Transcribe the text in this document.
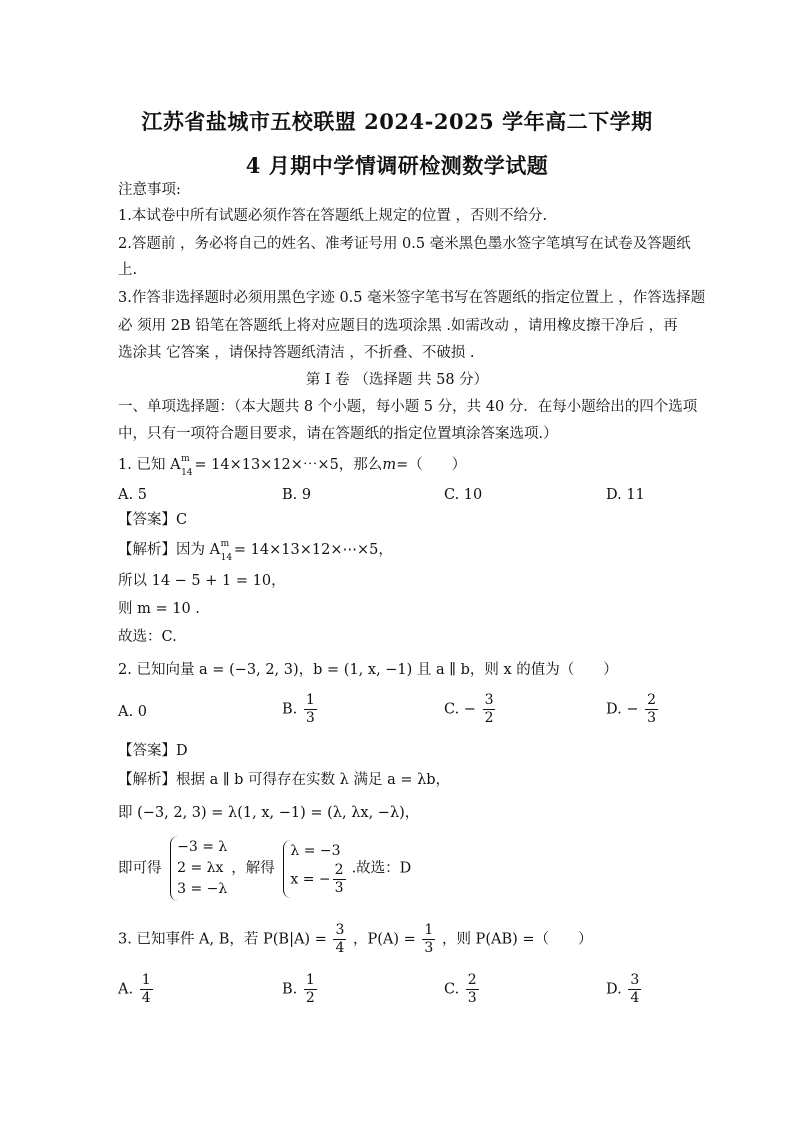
江苏省盐城市五校联盟 2024-2025 学年高二下学期
4 月期中学情调研检测数学试题
注意事项:
1.本试卷中所有试题必须作答在答题纸上规定的位置 ，否则不给分.
2.答题前 ，务必将自己的姓名、准考证号用 0.5 毫米黑色墨水签字笔填写在试卷及答题纸
上.
3.作答非选择题时必须用黑色字迹 0.5 毫米签字笔书写在答题纸的指定位置上 ，作答选择题
必 须用 2B 铅笔在答题纸上将对应题目的选项涂黑 .如需改动 ，请用橡皮擦干净后 ，再
选涂其 它答案 ，请保持答题纸清洁 ，不折叠、不破损 .
第 I 卷 （选择题 共 58 分）
一、单项选择题：（本大题共 8 个小题，每小题 5 分，共 40 分．在每小题给出的四个选项
中，只有一项符合题目要求，请在答题纸的指定位置填涂答案选项.）
1. 已知 A m
14 = 14×13×12×⋯×5，那么m=（　　）
A. 5	B. 9	C. 10	D. 11
【答案】C
【解析】因为 A m
14 = 14×13×12×⋯×5，
所以 14 − 5 + 1 = 10，
则 m = 10 .
故选：C.
2. 已知向量 a = (−3, 2, 3)，b = (1, x, −1) 且 a ∥ b，则 x 的值为（　　）
A. 0	B. $\frac{1}{3}$	C. − $\frac{3}{2}$	D. − $\frac{2}{3}$
【答案】D
【解析】根据 a ∥ b 可得存在实数 λ 满足 a = λb，
即 (−3, 2, 3) = λ(1, x, −1) = (λ, λx, −λ)，
即可得
−3 = λ
2 = λx
3 = −λ
，解得
λ = −3
x = − $\frac{2}{3}$ .故选：D
3. 已知事件 A, B，若 $P(B|A) = \frac{3}{4}$ ，$P(A) = \frac{1}{3}$ ，则 P(AB) =（　　）
A. $\frac{1}{4}$	B. $\frac{1}{2}$	C. $\frac{2}{3}$	D. $\frac{3}{4}$
